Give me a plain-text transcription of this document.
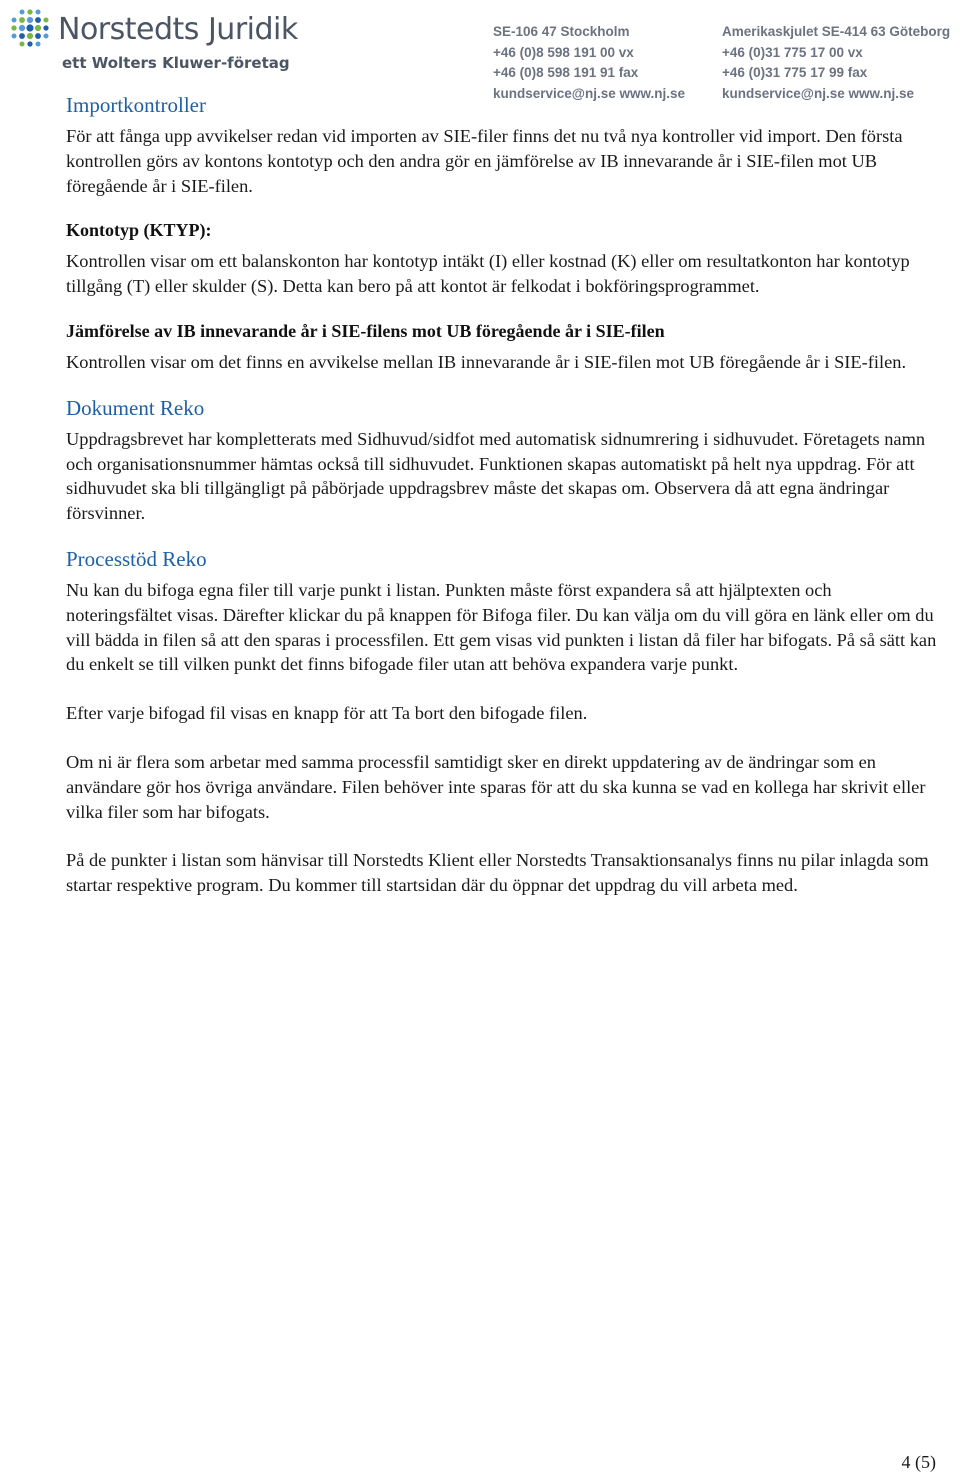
Norstedts Juridik
ett Wolters Kluwer-företag
SE-106 47 Stockholm
+46 (0)8 598 191 00 vx
+46 (0)8 598 191 91 fax
kundservice@nj.se www.nj.se
Amerikaskjulet SE-414 63 Göteborg
+46 (0)31 775 17 00 vx
+46 (0)31 775 17 99 fax
kundservice@nj.se www.nj.se
Importkontroller

För att fånga upp avvikelser redan vid importen av SIE-filer finns det nu två nya kontroller vid import. Den första kontrollen görs av kontons kontotyp och den andra gör en jämförelse av IB innevarande år i SIE-filen mot UB föregående år i SIE-filen.

Kontotyp (KTYP):

Kontrollen visar om ett balanskonton har kontotyp intäkt (I) eller kostnad (K) eller om resultatkonton har kontotyp tillgång (T) eller skulder (S). Detta kan bero på att kontot är felkodat i bokföringsprogrammet.

Jämförelse av IB innevarande år i SIE-filens mot UB föregående år i SIE-filen

Kontrollen visar om det finns en avvikelse mellan IB innevarande år i SIE-filen mot UB föregående år i SIE-filen.

Dokument Reko

Uppdragsbrevet har kompletterats med Sidhuvud/sidfot med automatisk sidnumrering i sidhuvudet. Företagets namn och organisationsnummer hämtas också till sidhuvudet. Funktionen skapas automatiskt på helt nya uppdrag. För att sidhuvudet ska bli tillgängligt på påbörjade uppdragsbrev måste det skapas om. Observera då att egna ändringar försvinner.

Processtöd Reko

Nu kan du bifoga egna filer till varje punkt i listan. Punkten måste först expandera så att hjälptexten och noteringsfältet visas. Därefter klickar du på knappen för Bifoga filer. Du kan välja om du vill göra en länk eller om du vill bädda in filen så att den sparas i processfilen. Ett gem visas vid punkten i listan då filer har bifogats. På så sätt kan du enkelt se till vilken punkt det finns bifogade filer utan att behöva expandera varje punkt.

Efter varje bifogad fil visas en knapp för att Ta bort den bifogade filen.

Om ni är flera som arbetar med samma processfil samtidigt sker en direkt uppdatering av de ändringar som en användare gör hos övriga användare. Filen behöver inte sparas för att du ska kunna se vad en kollega har skrivit eller vilka filer som har bifogats.

På de punkter i listan som hänvisar till Norstedts Klient eller Norstedts Transaktionsanalys finns nu pilar inlagda som startar respektive program. Du kommer till startsidan där du öppnar det uppdrag du vill arbeta med.

4 (5)
